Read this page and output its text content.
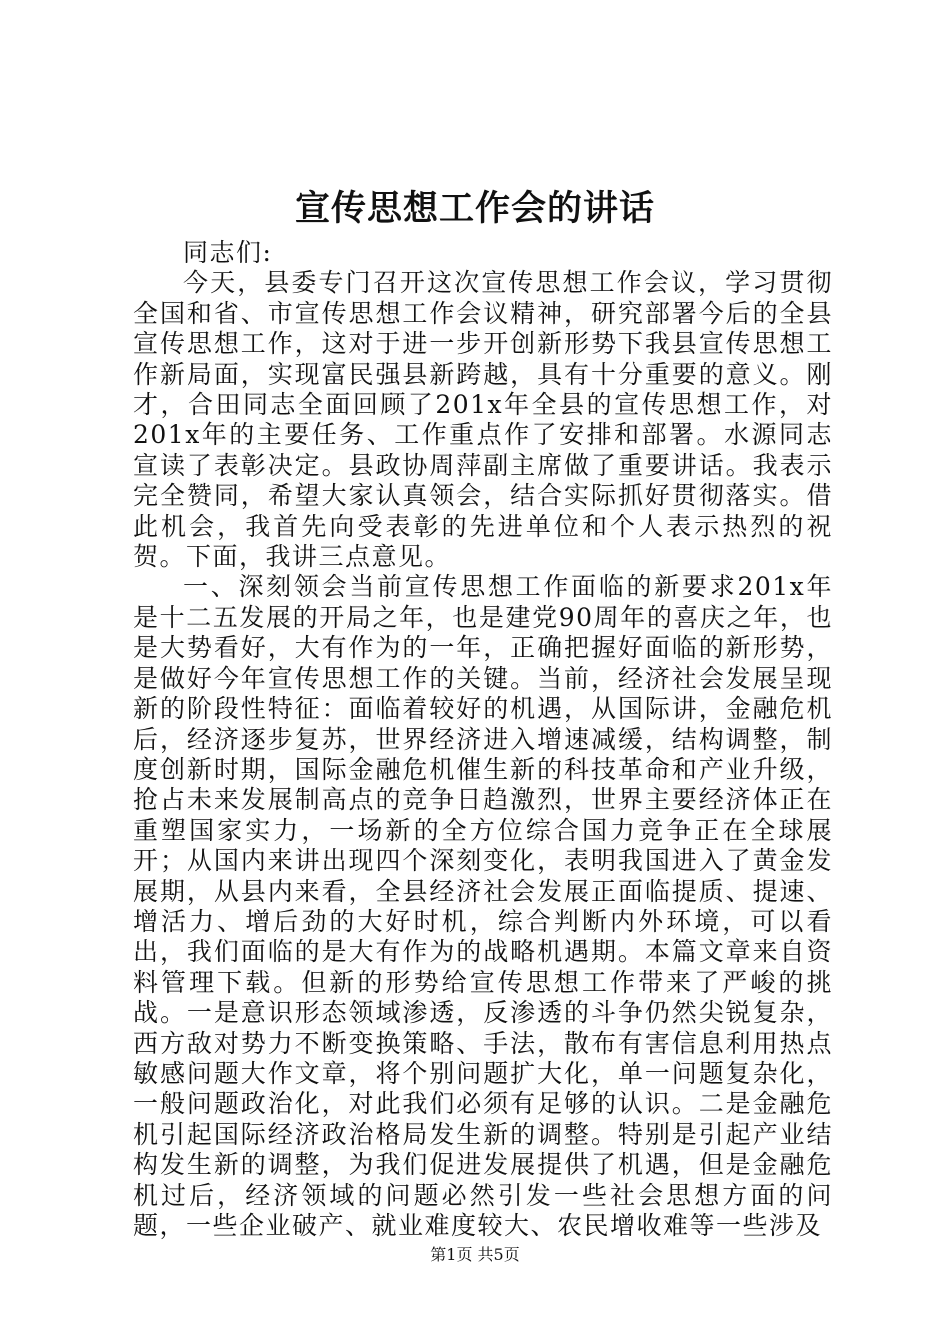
宣传思想工作会的讲话

同志们:

今天，县委专门召开这次宣传思想工作会议，学习贯彻全国和省、市宣传思想工作会议精神，研究部署今后的全县宣传思想工作，这对于进一步开创新形势下我县宣传思想工作新局面，实现富民强县新跨越，具有十分重要的意义。刚才，合田同志全面回顾了201x年全县的宣传思想工作，对201x年的主要任务、工作重点作了安排和部署。水源同志宣读了表彰决定。县政协周萍副主席做了重要讲话。我表示完全赞同，希望大家认真领会，结合实际抓好贯彻落实。借此机会，我首先向受表彰的先进单位和个人表示热烈的祝贺。下面，我讲三点意见。

一、深刻领会当前宣传思想工作面临的新要求201x年是十二五发展的开局之年，也是建党90周年的喜庆之年，也是大势看好，大有作为的一年，正确把握好面临的新形势，是做好今年宣传思想工作的关键。当前，经济社会发展呈现新的阶段性特征：面临着较好的机遇，从国际讲，金融危机后，经济逐步复苏，世界经济进入增速减缓，结构调整，制度创新时期，国际金融危机催生新的科技革命和产业升级，抢占未来发展制高点的竞争日趋激烈，世界主要经济体正在重塑国家实力，一场新的全方位综合国力竞争正在全球展开；从国内来讲出现四个深刻变化，表明我国进入了黄金发展期，从县内来看，全县经济社会发展正面临提质、提速、增活力、增后劲的大好时机，综合判断内外环境，可以看出，我们面临的是大有作为的战略机遇期。本篇文章来自资料管理下载。但新的形势给宣传思想工作带来了严峻的挑战。一是意识形态领域渗透，反渗透的斗争仍然尖锐复杂，西方敌对势力不断变换策略、手法，散布有害信息利用热点敏感问题大作文章，将个别问题扩大化，单一问题复杂化，一般问题政治化，对此我们必须有足够的认识。二是金融危机引起国际经济政治格局发生新的调整。特别是引起产业结构发生新的调整，为我们促进发展提供了机遇，但是金融危机过后，经济领域的问题必然引发一些社会思想方面的问题，一些企业破产、就业难度较大、农民增收难等一些涉及

第1页 共5页
